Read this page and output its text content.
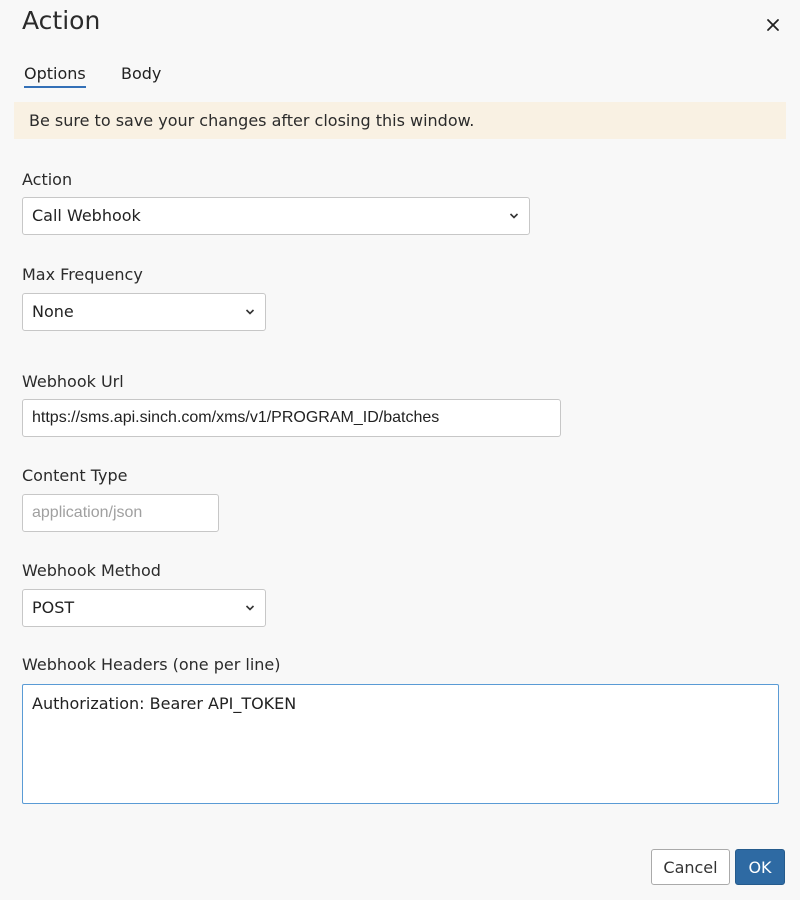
Action
Options Body
Be sure to save your changes after closing this window.
Action
Call Webhook
Max Frequency
None
Webhook Url
https://sms.api.sinch.com/xms/v1/PROGRAM_ID/batches
Content Type
application/json
Webhook Method
POST
Webhook Headers (one per line)
Authorization: Bearer API_TOKEN
Cancel	OK
